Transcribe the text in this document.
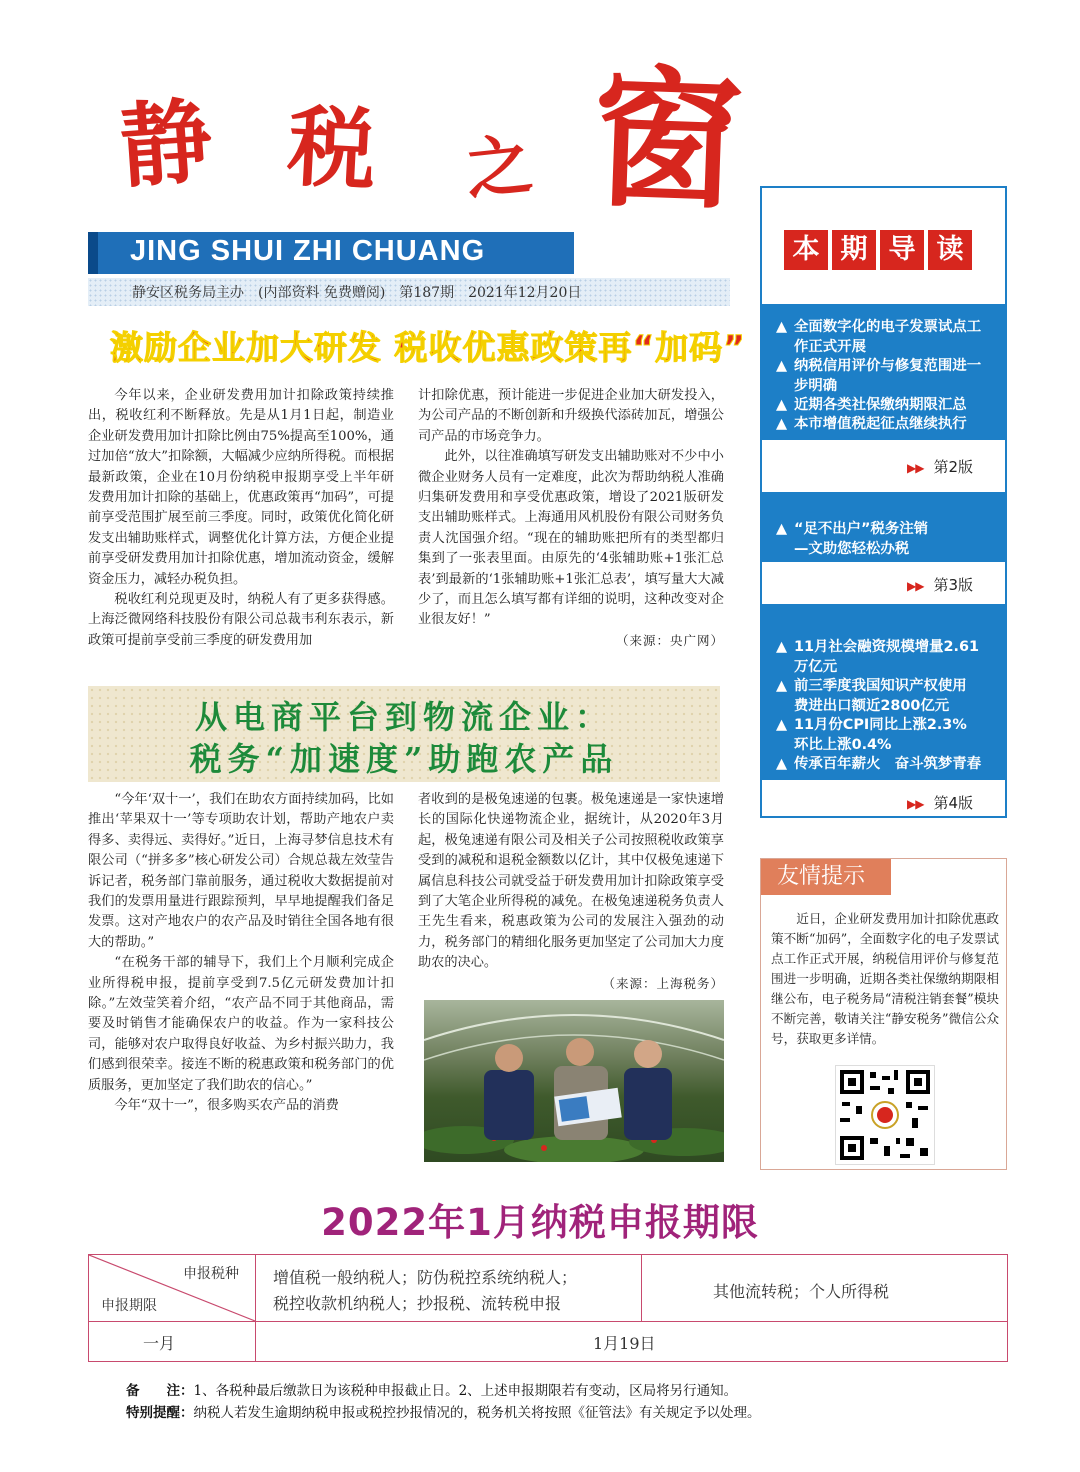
静 税 之 窗
JING SHUI ZHI CHUANG
静安区税务局主办　(内部资料 免费赠阅)　第187期　2021年12月20日
激励企业加大研发 税收优惠政策再“加码”

今年以来，企业研发费用加计扣除政策持续推出，税收红利不断释放。先是从1月1日起，制造业企业研发费用加计扣除比例由75%提高至100%，通过加倍“放大”扣除额，大幅减少应纳所得税。而根据最新政策，企业在10月份纳税申报期享受上半年研发费用加计扣除的基础上，优惠政策再“加码”，可提前享受范围扩展至前三季度。同时，政策优化简化研发支出辅助账样式，调整优化计算方法，方便企业提前享受研发费用加计扣除优惠，增加流动资金，缓解资金压力，减轻办税负担。

税收红利兑现更及时，纳税人有了更多获得感。上海泛微网络科技股份有限公司总裁韦利东表示，新政策可提前享受前三季度的研发费用加

计扣除优惠，预计能进一步促进企业加大研发投入，为公司产品的不断创新和升级换代添砖加瓦，增强公司产品的市场竞争力。

此外，以往准确填写研发支出辅助账对不少中小微企业财务人员有一定难度，此次为帮助纳税人准确归集研发费用和享受优惠政策，增设了2021版研发支出辅助账样式。上海通用风机股份有限公司财务负责人沈国强介绍。“现在的辅助账把所有的类型都归集到了一张表里面。由原先的‘4张辅助账+1张汇总表’到最新的‘1张辅助账+1张汇总表’，填写量大大减少了，而且怎么填写都有详细的说明，这种改变对企业很友好！”

（来源：央广网）
从电商平台到物流企业：
税务“加速度”助跑农产品

“今年‘双十一’，我们在助农方面持续加码，比如推出‘苹果双十一’等专项助农计划，帮助产地农户卖得多、卖得远、卖得好。”近日，上海寻梦信息技术有限公司（“拼多多”核心研发公司）合规总裁左效莹告诉记者，税务部门靠前服务，通过税收大数据提前对我们的发票用量进行跟踪预判，早早地提醒我们备足发票。这对产地农户的农产品及时销往全国各地有很大的帮助。”

“在税务干部的辅导下，我们上个月顺利完成企业所得税申报，提前享受到7.5亿元研发费加计扣除。”左效莹笑着介绍，“农产品不同于其他商品，需要及时销售才能确保农户的收益。作为一家科技公司，能够对农户取得良好收益、为乡村振兴助力，我们感到很荣幸。接连不断的税惠政策和税务部门的优质服务，更加坚定了我们助农的信心。”

今年“双十一”，很多购买农产品的消费

者收到的是极兔速递的包裹。极兔速递是一家快速增长的国际化快递物流企业，据统计，从2020年3月起，极兔速递有限公司及相关子公司按照税收政策享受到的减税和退税金额数以亿计，其中仅极兔速递下属信息科技公司就受益于研发费用加计扣除政策享受到了大笔企业所得税的减免。在极兔速递税务负责人王先生看来，税惠政策为公司的发展注入强劲的动力，税务部门的精细化服务更加坚定了公司加大力度助农的决心。

（来源：上海税务）
本 期 导 读
▲ 全面数字化的电子发票试点工
作正式开展
▲ 纳税信用评价与修复范围进一
步明确
▲ 近期各类社保缴纳期限汇总
▲ 本市增值税起征点继续执行
▶▶ 第2版
▲ “足不出户”税务注销
—文助您轻松办税
▶▶ 第3版
▲ 11月社会融资规模增量2.61
万亿元
▲ 前三季度我国知识产权使用
费进出口额近2800亿元
▲ 11月份CPI同比上涨2.3%
环比上涨0.4%
▲ 传承百年薪火　奋斗筑梦青春
▶▶ 第4版
友情提示
近日，企业研发费用加计扣除优惠政策不断“加码”，全面数字化的电子发票试点工作正式开展，纳税信用评价与修复范围进一步明确，近期各类社保缴纳期限相继公布，电子税务局“清税注销套餐”模块不断完善，敬请关注“静安税务”微信公众号，获取更多详情。
2022年1月纳税申报期限
申报税种
申报期限
增值税一般纳税人；防伪税控系统纳税人；
税控收款机纳税人；抄报税、流转税申报
其他流转税；个人所得税
一月	1月19日
备　　注：1、各税种最后缴款日为该税种申报截止日。2、上述申报期限若有变动，区局将另行通知。
特别提醒：纳税人若发生逾期纳税申报或税控抄报情况的，税务机关将按照《征管法》有关规定予以处理。
